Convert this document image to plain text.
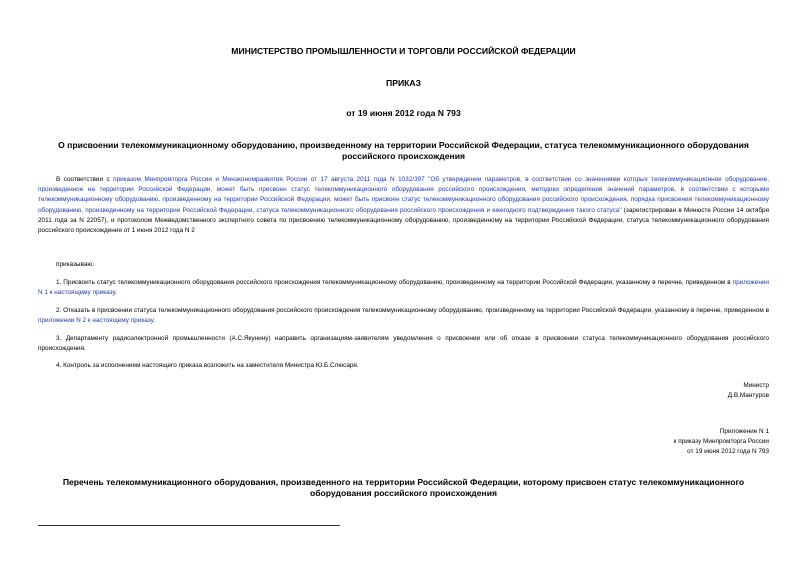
МИНИСТЕРСТВО ПРОМЫШЛЕННОСТИ И ТОРГОВЛИ РОССИЙСКОЙ ФЕДЕРАЦИИ
ПРИКАЗ
от 19 июня 2012 года N 793
О присвоении телекоммуникационному оборудованию, произведенному на территории Российской Федерации, статуса телекоммуникационного оборудования российского происхождения
В соответствии с приказом Минпромторга России и Минэкономразвития России от 17 августа 2011 года N 1032/397 "Об утверждении параметров, в соответствии со значениями которых телекоммуникационное оборудование, произведенное на территории Российской Федерации, может быть присвоен статус телекоммуникационного оборудования российского происхождения, методики определения значений параметров, в соответствии с которыми телекоммуникационному оборудованию, произведенному на территории Российской Федерации, может быть присвоен статус телекоммуникационного оборудования российского происхождения, порядка присвоения телекоммуникационному оборудованию, произведенному на территории Российской Федерации, статуса телекоммуникационного оборудования российского происхождения и ежегодного подтверждения такого статуса" (зарегистрирован в Минюсте России 14 октября 2011 года за N 22057), и протоколом Межведомственного экспертного совета по присвоению телекоммуникационному оборудованию, произведенному на территории Российской Федерации, статуса телекоммуникационного оборудования российского происхождения от 1 июня 2012 года N 2
приказываю:
1. Присвоить статус телекоммуникационного оборудования российского происхождения телекоммуникационному оборудованию, произведенному на территории Российской Федерации, указанному в перечне, приведенном в приложении N 1 к настоящему приказу.
2. Отказать в присвоении статуса телекоммуникационного оборудования российского происхождения телекоммуникационному оборудованию, произведенному на территории Российской Федерации, указанному в перечне, приведенном в приложении N 2 к настоящему приказу.
3. Департаменту радиоэлектронной промышленности (А.С.Якунину) направить организациям-заявителям уведомления о присвоении или об отказе в присвоении статуса телекоммуникационного оборудования российского происхождения.
4. Контроль за исполнением настоящего приказа возложить на заместителя Министра Ю.Б.Слюсаря.
Министр
Д.В.Мантуров
Приложение N 1
к приказу Минпромторга России
от 19 июня 2012 года N 793
Перечень телекоммуникационного оборудования, произведенного на территории Российской Федерации, которому присвоен статус телекоммуникационного оборудования российского происхождения
